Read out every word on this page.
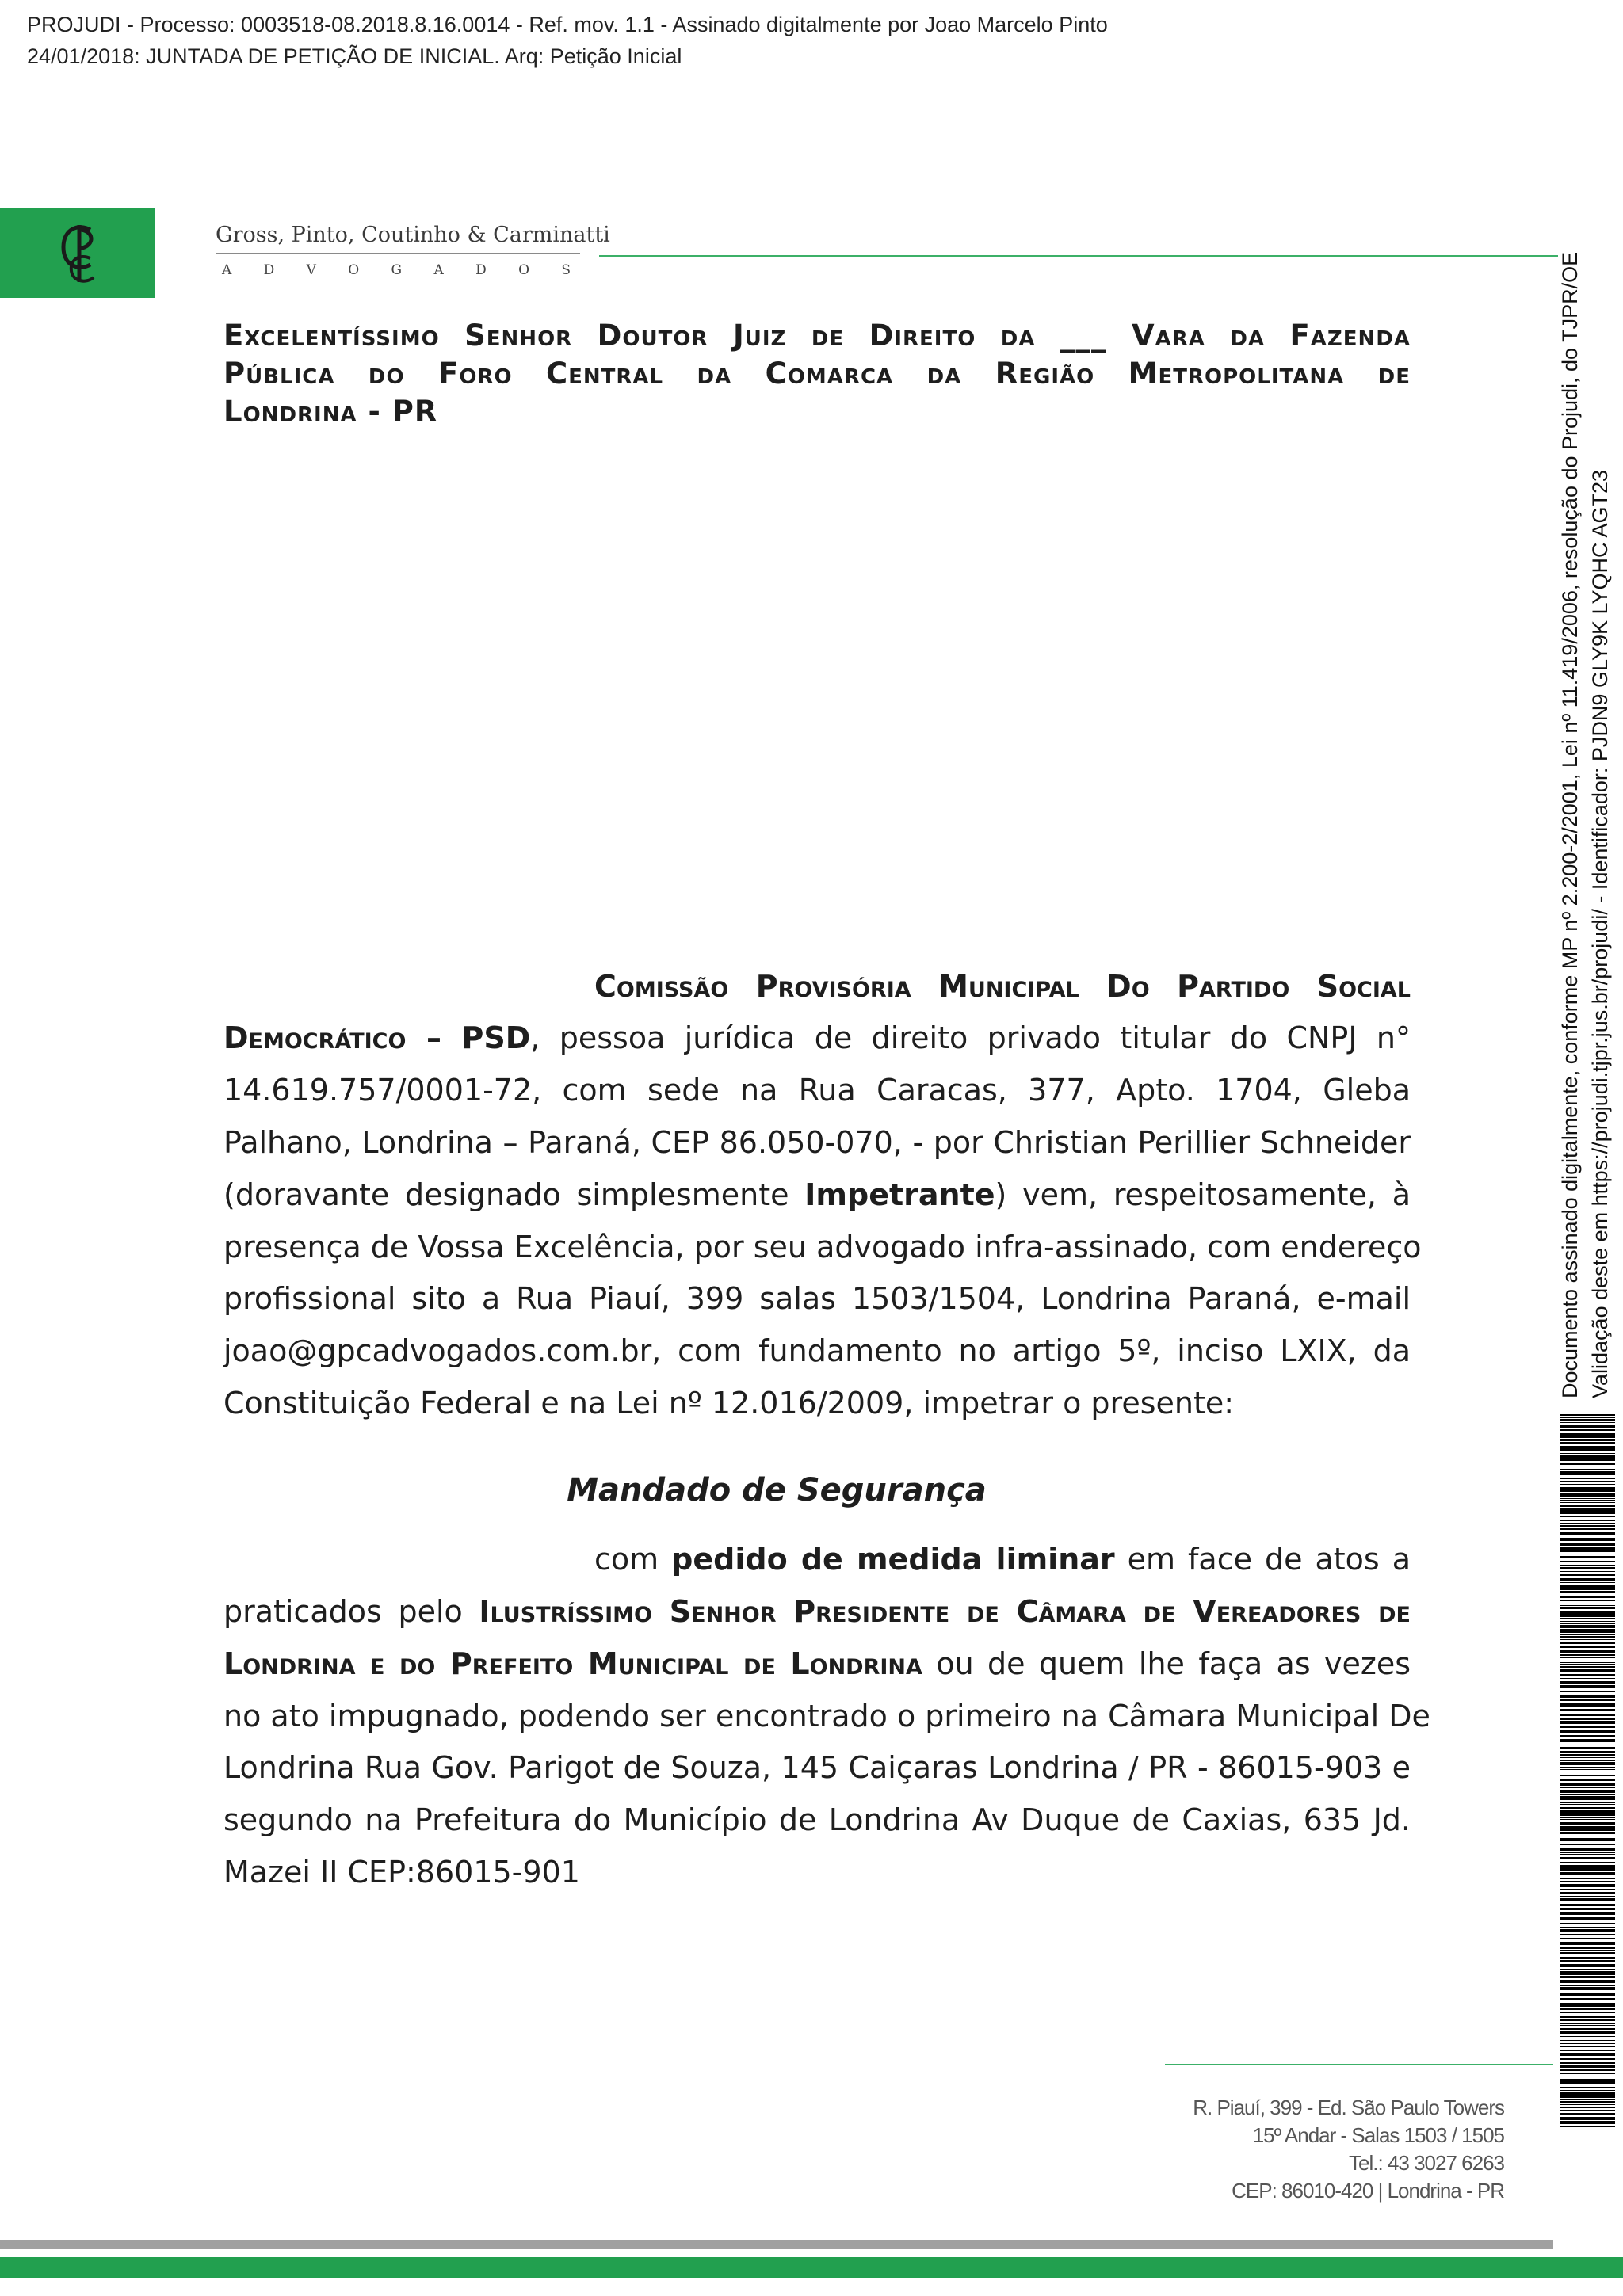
PROJUDI - Processo: 0003518-08.2018.8.16.0014 - Ref. mov. 1.1 - Assinado digitalmente por Joao Marcelo Pinto
24/01/2018: JUNTADA DE PETIÇÃO DE INICIAL. Arq: Petição Inicial
Gross, Pinto, Coutinho & Carminatti
A D V O G A D O S
Excelentíssimo Senhor Doutor Juiz de Direito da ___ Vara da Fazenda
Pública do Foro Central da Comarca da Região Metropolitana de
Londrina - PR
Comissão Provisória Municipal Do Partido Social
Democrático – PSD, pessoa jurídica de direito privado titular do CNPJ n°
14.619.757/0001-72, com sede na Rua Caracas, 377, Apto. 1704, Gleba
Palhano, Londrina – Paraná, CEP 86.050-070, - por Christian Perillier Schneider
(doravante designado simplesmente Impetrante) vem, respeitosamente, à
presença de Vossa Excelência, por seu advogado infra-assinado, com endereço
profissional sito a Rua Piauí, 399 salas 1503/1504, Londrina Paraná, e-mail
joao@gpcadvogados.com.br, com fundamento no artigo 5º, inciso LXIX, da
Constituição Federal e na Lei nº 12.016/2009, impetrar o presente:
Mandado de Segurança
com pedido de medida liminar em face de atos a
praticados pelo Ilustríssimo Senhor Presidente de Câmara de Vereadores de
Londrina e do Prefeito Municipal de Londrina ou de quem lhe faça as vezes
no ato impugnado, podendo ser encontrado o primeiro na Câmara Municipal De
Londrina Rua Gov. Parigot de Souza, 145 Caiçaras Londrina / PR - 86015-903 e
segundo na Prefeitura do Município de Londrina Av Duque de Caxias, 635 Jd.
Mazei II CEP:86015-901
Documento assinado digitalmente, conforme MP nº 2.200-2/2001, Lei nº 11.419/2006, resolução do Projudi, do TJPR/OE Validação deste em https://projudi.tjpr.jus.br/projudi/ - Identificador: PJDN9 GLY9K LYQHC AGT23
R. Piauí, 399 - Ed. São Paulo Towers
15º Andar - Salas 1503 / 1505
Tel.: 43 3027 6263
CEP: 86010-420 | Londrina - PR
